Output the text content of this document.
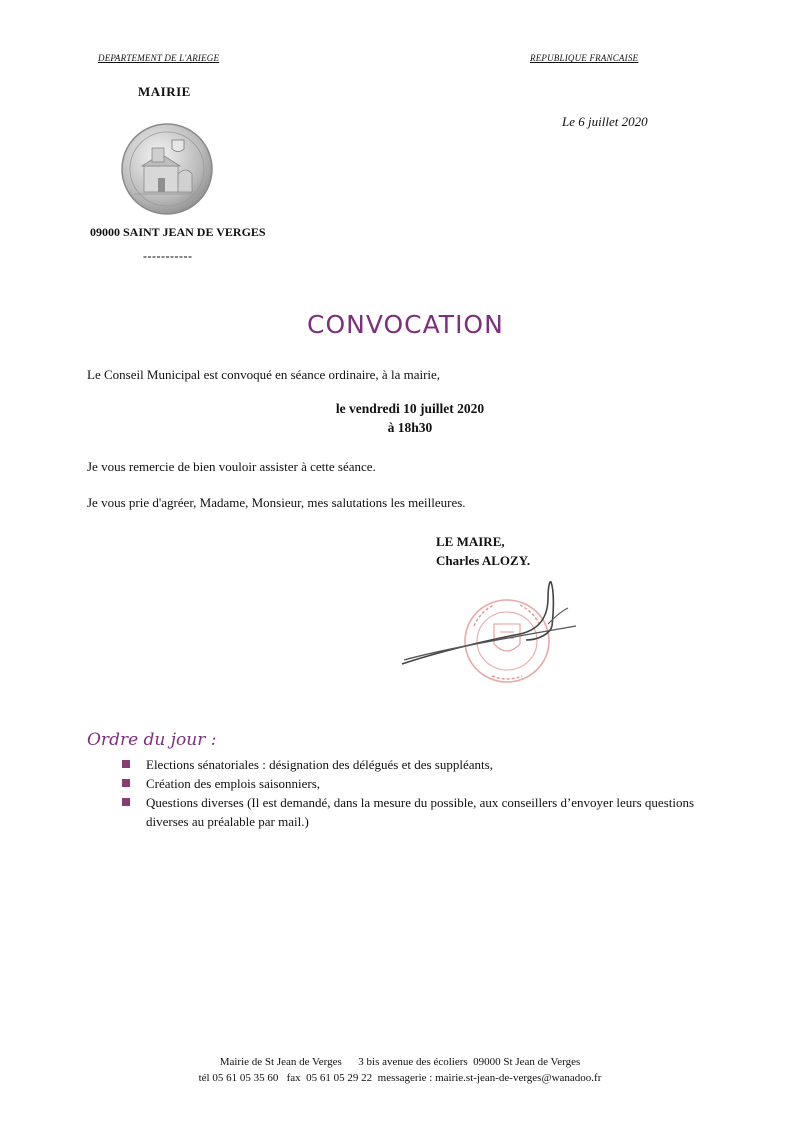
DEPARTEMENT DE L'ARIEGE	REPUBLIQUE FRANCAISE
MAIRIE
Le 6 juillet 2020
09000 SAINT JEAN DE VERGES
-----------
CONVOCATION
Le Conseil Municipal est convoqué en séance ordinaire, à la mairie,
le vendredi 10 juillet 2020
à 18h30
Je vous remercie de bien vouloir assister à cette séance.
Je vous prie d'agréer, Madame, Monsieur, mes salutations les meilleures.
LE MAIRE,
Charles ALOZY.
Ordre du jour :
Elections sénatoriales : désignation des délégués et des suppléants,
Création des emplois saisonniers,
Questions diverses (Il est demandé, dans la mesure du possible, aux conseillers d’envoyer leurs questions
diverses au préalable par mail.)
Mairie de St Jean de Verges      3 bis avenue des écoliers  09000 St Jean de Verges
tél 05 61 05 35 60   fax  05 61 05 29 22  messagerie : mairie.st-jean-de-verges@wanadoo.fr
